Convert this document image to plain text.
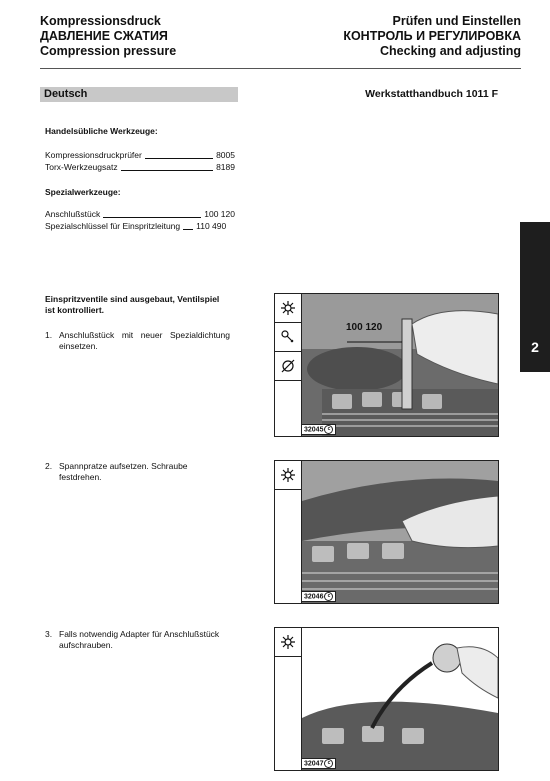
Kompressionsdruck
ДАВЛЕНИЕ СЖАТИЯ
Compression pressure
Prüfen und Einstellen
КОНТРОЛЬ И РЕГУЛИРОВКА
Checking and adjusting
Deutsch	Werkstatthandbuch 1011 F
Handelsübliche Werkzeuge:
Kompressionsdruckprüfer	8005
Torx-Werkzeugsatz	8189
Spezialwerkzeuge:
Anschlußstück	100 120
Spezialschlüssel für Einspritzleitung 110 490
Einspritzventile sind ausgebaut, Ventilspiel
ist kontrolliert.
1. Anschlußstück mit neuer Spezialdichtung einsetzen.
2. Spannpratze aufsetzen. Schraube festdrehen.
3. Falls notwendig Adapter für Anschlußstück aufschrauben.
2
100 120
32045 c
32046 c
32047 c
